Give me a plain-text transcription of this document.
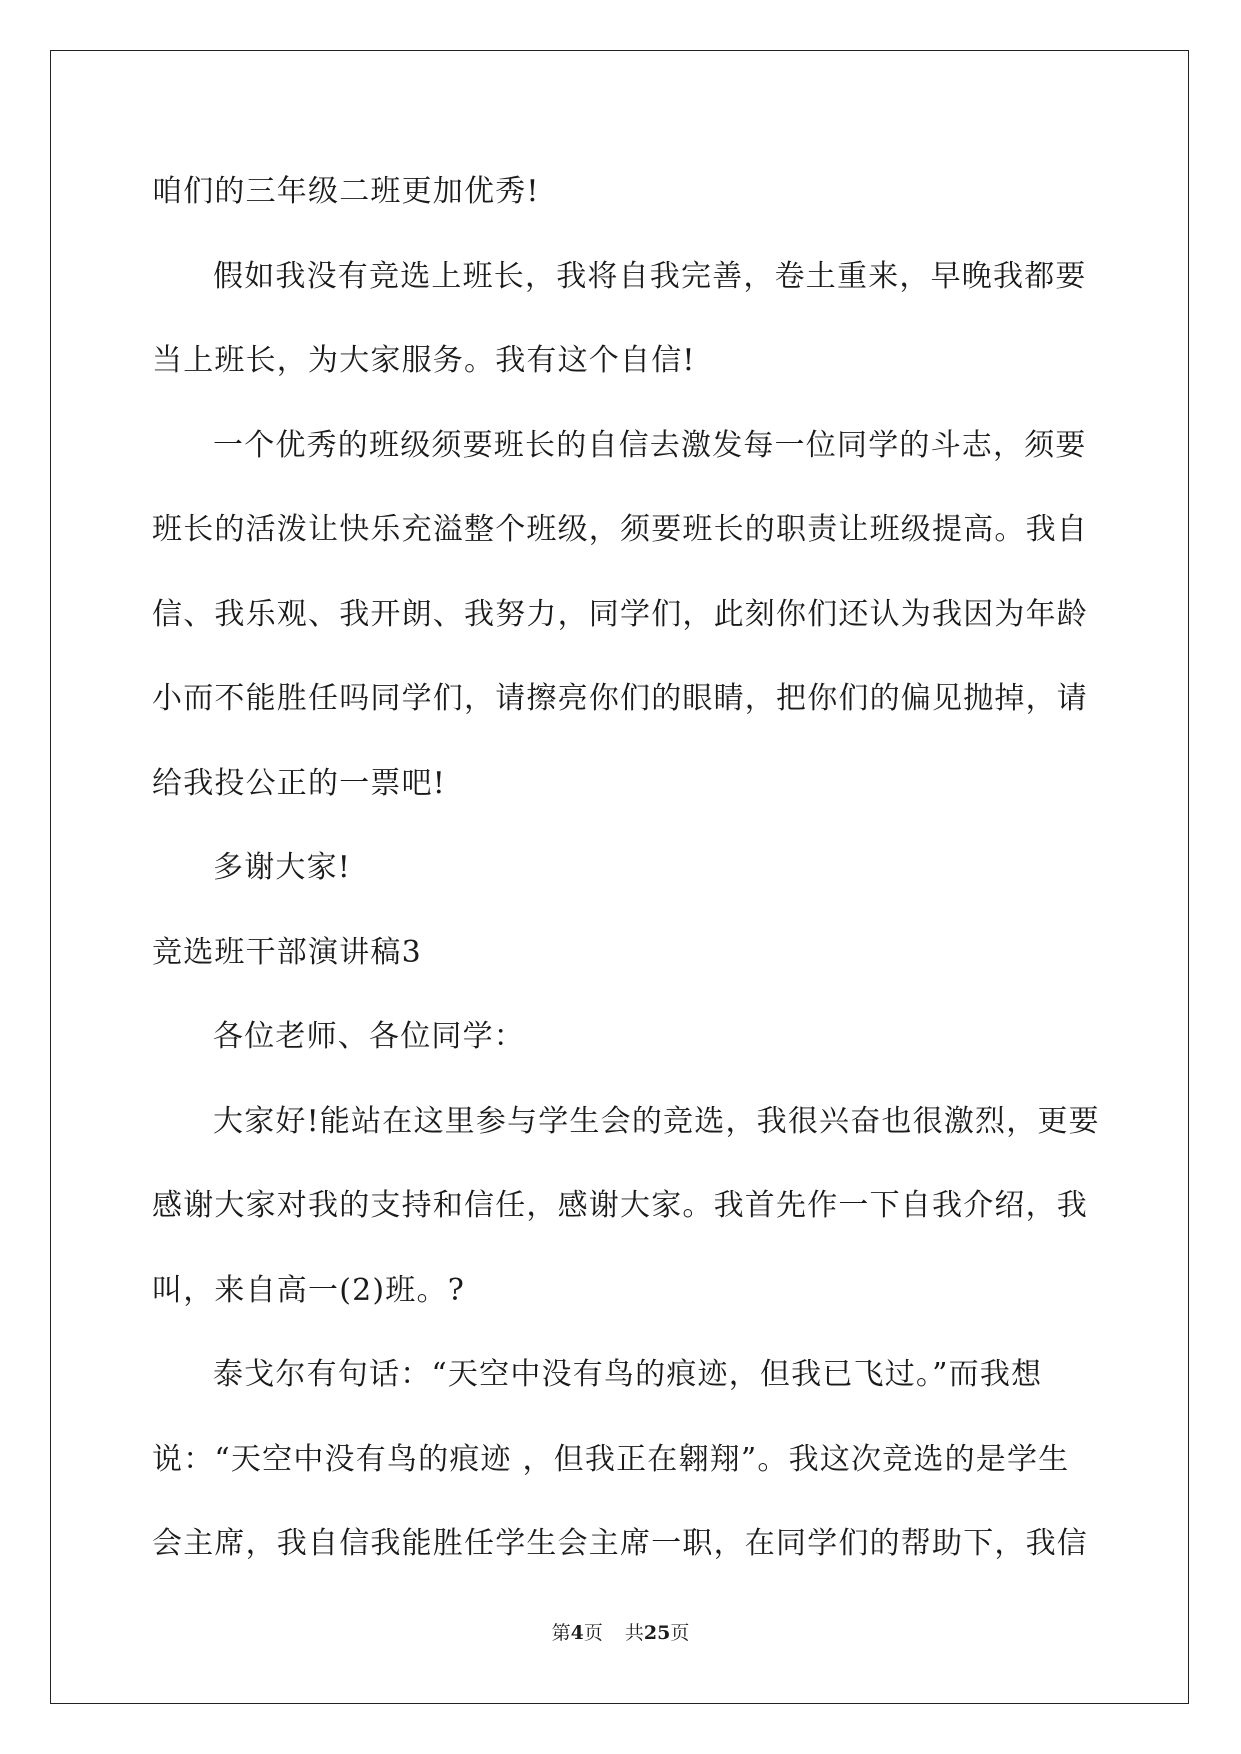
咱们的三年级二班更加优秀!
假如我没有竞选上班长，我将自我完善，卷土重来，早晚我都要
当上班长，为大家服务。我有这个自信!
一个优秀的班级须要班长的自信去激发每一位同学的斗志，须要
班长的活泼让快乐充溢整个班级，须要班长的职责让班级提高。我自
信、我乐观、我开朗、我努力，同学们，此刻你们还认为我因为年龄
小而不能胜任吗同学们，请擦亮你们的眼睛，把你们的偏见抛掉，请
给我投公正的一票吧!
多谢大家!
竞选班干部演讲稿3
各位老师、各位同学：
大家好!能站在这里参与学生会的竞选，我很兴奋也很激烈，更要
感谢大家对我的支持和信任，感谢大家。我首先作一下自我介绍，我
叫，来自高一(2)班。?
泰戈尔有句话：“天空中没有鸟的痕迹，但我已飞过。”而我想
说：“天空中没有鸟的痕迹 ，但我正在翱翔”。我这次竞选的是学生
会主席，我自信我能胜任学生会主席一职，在同学们的帮助下，我信
第4页 共25页
